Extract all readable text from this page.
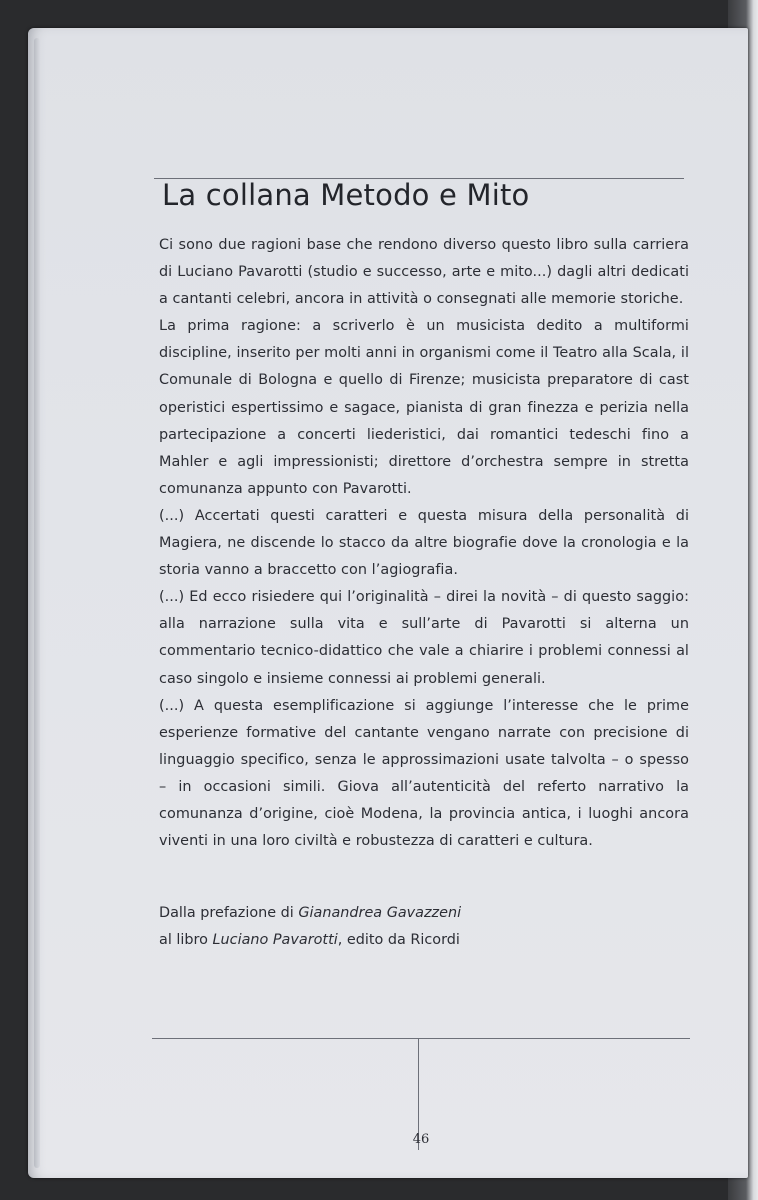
La collana Metodo e Mito

Ci sono due ragioni base che rendono diverso questo libro sulla carriera di Luciano Pavarotti (studio e successo, arte e mito...) dagli altri dedicati a cantanti celebri, ancora in attività o consegnati alle memorie storiche.

La prima ragione: a scriverlo è un musicista dedito a multiformi discipline, inserito per molti anni in organismi come il Teatro alla Scala, il Comunale di Bologna e quello di Firenze; musicista preparatore di cast operistici espertissimo e sagace, pianista di gran finezza e perizia nella partecipazione a concerti liederistici, dai romantici tedeschi fino a Mahler e agli impressionisti; direttore d’orchestra sempre in stretta comunanza appunto con Pavarotti.

(...) Accertati questi caratteri e questa misura della personalità di Magiera, ne discende lo stacco da altre biografie dove la cronologia e la storia vanno a braccetto con l’agiografia.

(...) Ed ecco risiedere qui l’originalità – direi la novità – di questo saggio: alla narrazione sulla vita e sull’arte di Pavarotti si alterna un commentario tecnico-didattico che vale a chiarire i problemi connessi al caso singolo e insieme connessi ai problemi generali.

(...) A questa esemplificazione si aggiunge l’interesse che le prime esperienze formative del cantante vengano narrate con precisione di linguaggio specifico, senza le approssimazioni usate talvolta – o spesso – in occasioni simili. Giova all’autenticità del referto narrativo la comunanza d’origine, cioè Modena, la provincia antica, i luoghi ancora viventi in una loro civiltà e robustezza di caratteri e cultura.

Dalla prefazione di Gianandrea Gavazzeni
al libro Luciano Pavarotti, edito da Ricordi
46
